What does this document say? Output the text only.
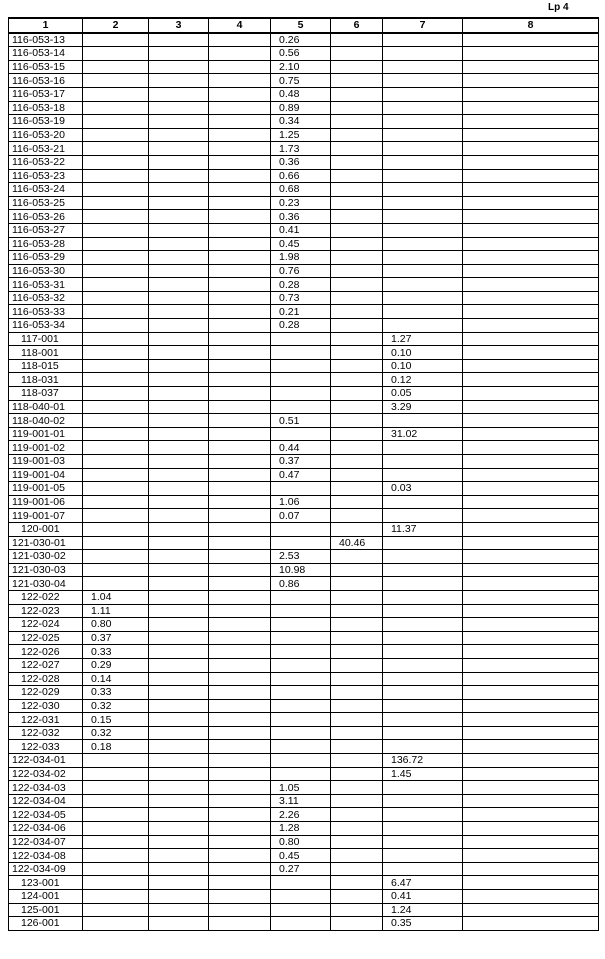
Lp 4
1	2	3	4	5	6	7	8
116-053-13				0.26			
116-053-14				0.56			
116-053-15				2.10			
116-053-16				0.75			
116-053-17				0.48			
116-053-18				0.89			
116-053-19				0.34			
116-053-20				1.25			
116-053-21				1.73			
116-053-22				0.36			
116-053-23				0.66			
116-053-24				0.68			
116-053-25				0.23			
116-053-26				0.36			
116-053-27				0.41			
116-053-28				0.45			
116-053-29				1.98			
116-053-30				0.76			
116-053-31				0.28			
116-053-32				0.73			
116-053-33				0.21			
116-053-34				0.28			
117-001						1.27	
118-001						0.10	
118-015						0.10	
118-031						0.12	
118-037						0.05	
118-040-01						3.29	
118-040-02				0.51			
119-001-01						31.02	
119-001-02				0.44			
119-001-03				0.37			
119-001-04				0.47			
119-001-05						0.03	
119-001-06				1.06			
119-001-07				0.07			
120-001						11.37	
121-030-01					40.46		
121-030-02				2.53			
121-030-03				10.98			
121-030-04				0.86			
122-022	1.04						
122-023	1.11						
122-024	0.80						
122-025	0.37						
122-026	0.33						
122-027	0.29						
122-028	0.14						
122-029	0.33						
122-030	0.32						
122-031	0.15						
122-032	0.32						
122-033	0.18						
122-034-01						136.72	
122-034-02						1.45	
122-034-03				1.05			
122-034-04				3.11			
122-034-05				2.26			
122-034-06				1.28			
122-034-07				0.80			
122-034-08				0.45			
122-034-09				0.27			
123-001						6.47	
124-001						0.41	
125-001						1.24	
126-001						0.35	
